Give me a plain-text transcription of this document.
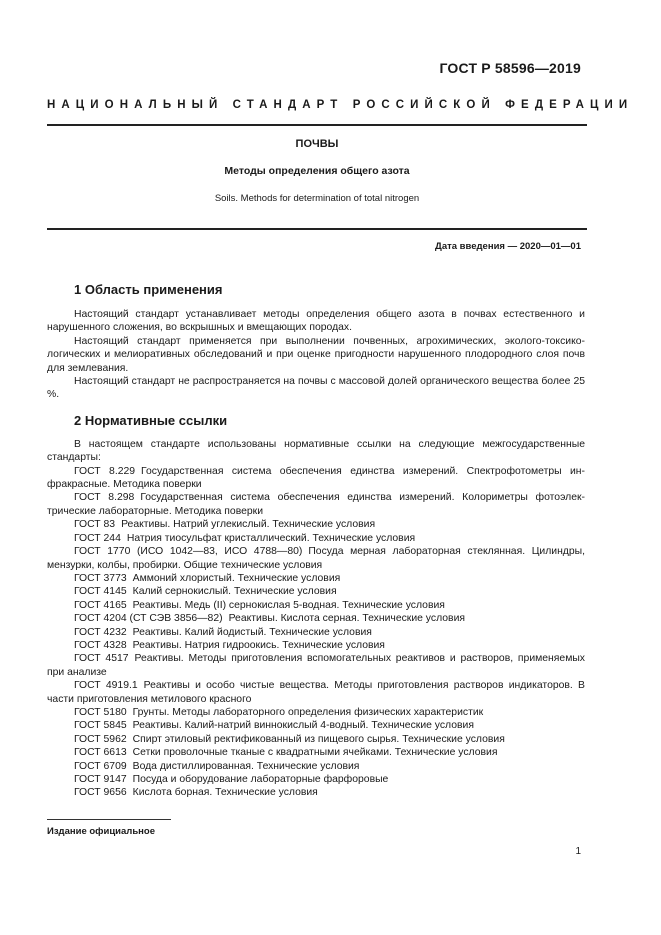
ГОСТ Р 58596—2019
НАЦИОНАЛЬНЫЙ СТАНДАРТ РОССИЙСКОЙ ФЕДЕРАЦИИ
ПОЧВЫ
Методы определения общего азота
Soils. Methods for determination of total nitrogen
Дата введения — 2020—01—01
1 Область применения

Настоящий стандарт устанавливает методы определения общего азота в почвах естественного и нарушенного сложения, во вскрышных и вмещающих породах.

Настоящий стандарт применяется при выполнении почвенных, агрохимических, эколого-токсикологических и мелиоративных обследований и при оценке пригодности нарушенного плодородного слоя почв для землевания.

Настоящий стандарт не распространяется на почвы с массовой долей органического вещества более 25 %.

2 Нормативные ссылки

В настоящем стандарте использованы нормативные ссылки на следующие межгосударственные стандарты:

ГОСТ 8.229 Государственная система обеспечения единства измерений. Спектрофотометры инфракрасные. Методика поверки
ГОСТ 8.298 Государственная система обеспечения единства измерений. Колориметры фотоэлектрические лабораторные. Методика поверки
ГОСТ 83 Реактивы. Натрий углекислый. Технические условия
ГОСТ 244 Натрия тиосульфат кристаллический. Технические условия
ГОСТ 1770 (ИСО 1042—83, ИСО 4788—80) Посуда мерная лабораторная стеклянная. Цилиндры, мензурки, колбы, пробирки. Общие технические условия
ГОСТ 3773 Аммоний хлористый. Технические условия
ГОСТ 4145 Калий сернокислый. Технические условия
ГОСТ 4165 Реактивы. Медь (II) сернокислая 5-водная. Технические условия
ГОСТ 4204 (СТ СЭВ 3856—82) Реактивы. Кислота серная. Технические условия
ГОСТ 4232 Реактивы. Калий йодистый. Технические условия
ГОСТ 4328 Реактивы. Натрия гидроокись. Технические условия
ГОСТ 4517 Реактивы. Методы приготовления вспомогательных реактивов и растворов, применяемых при анализе
ГОСТ 4919.1 Реактивы и особо чистые вещества. Методы приготовления растворов индикаторов. В части приготовления метилового красного
ГОСТ 5180 Грунты. Методы лабораторного определения физических характеристик
ГОСТ 5845 Реактивы. Калий-натрий виннокислый 4-водный. Технические условия
ГОСТ 5962 Спирт этиловый ректификованный из пищевого сырья. Технические условия
ГОСТ 6613 Сетки проволочные тканые с квадратными ячейками. Технические условия
ГОСТ 6709 Вода дистиллированная. Технические условия
ГОСТ 9147 Посуда и оборудование лабораторные фарфоровые
ГОСТ 9656 Кислота борная. Технические условия
Издание официальное
1
